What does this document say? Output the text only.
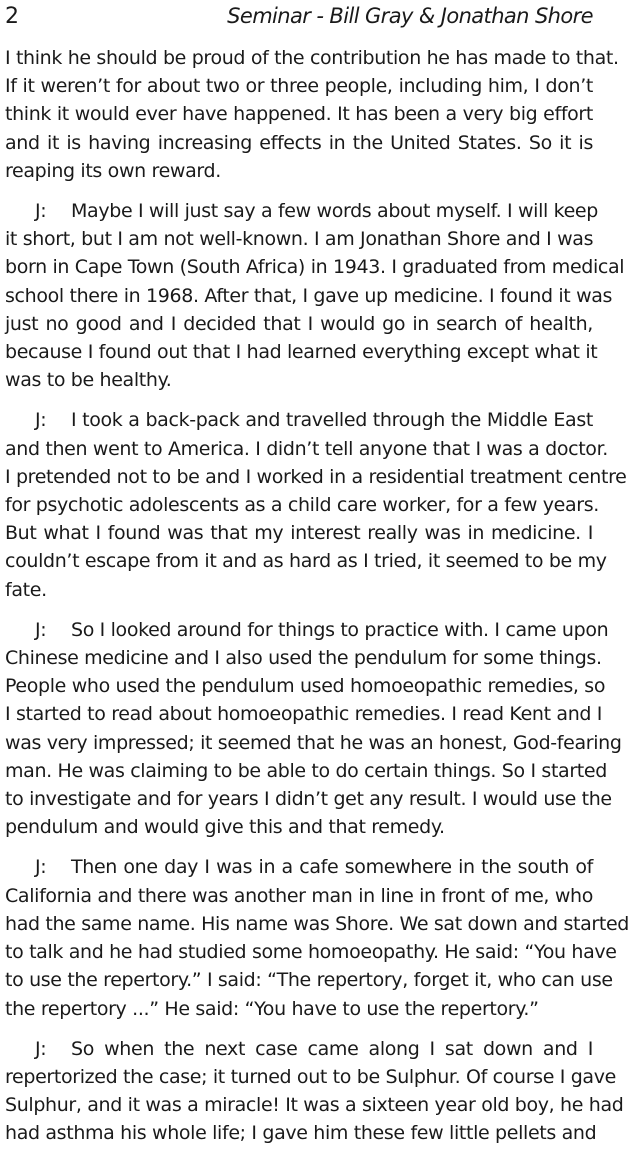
2	Seminar - Bill Gray & Jonathan Shore

I think he should be proud of the contribution he has made to that.
If it weren’t for about two or three people, including him, I don’t
think it would ever have happened. It has been a very big effort
and it is having increasing effects in the United States. So it is
reaping its own reward.

J: Maybe I will just say a few words about myself. I will keep
it short, but I am not well-known. I am Jonathan Shore and I was
born in Cape Town (South Africa) in 1943. I graduated from medical
school there in 1968. After that, I gave up medicine. I found it was
just no good and I decided that I would go in search of health,
because I found out that I had learned everything except what it
was to be healthy.

J: I took a back-pack and travelled through the Middle East
and then went to America. I didn’t tell anyone that I was a doctor.
I pretended not to be and I worked in a residential treatment centre
for psychotic adolescents as a child care worker, for a few years.
But what I found was that my interest really was in medicine. I
couldn’t escape from it and as hard as I tried, it seemed to be my
fate.

J: So I looked around for things to practice with. I came upon
Chinese medicine and I also used the pendulum for some things.
People who used the pendulum used homoeopathic remedies, so
I started to read about homoeopathic remedies. I read Kent and I
was very impressed; it seemed that he was an honest, God-fearing
man. He was claiming to be able to do certain things. So I started
to investigate and for years I didn’t get any result. I would use the
pendulum and would give this and that remedy.

J: Then one day I was in a cafe somewhere in the south of
California and there was another man in line in front of me, who
had the same name. His name was Shore. We sat down and started
to talk and he had studied some homoeopathy. He said: “You have
to use the repertory.” I said: “The repertory, forget it, who can use
the repertory ...” He said: “You have to use the repertory.”

J: So when the next case came along I sat down and I
repertorized the case; it turned out to be Sulphur. Of course I gave
Sulphur, and it was a miracle! It was a sixteen year old boy, he had
had asthma his whole life; I gave him these few little pellets and
